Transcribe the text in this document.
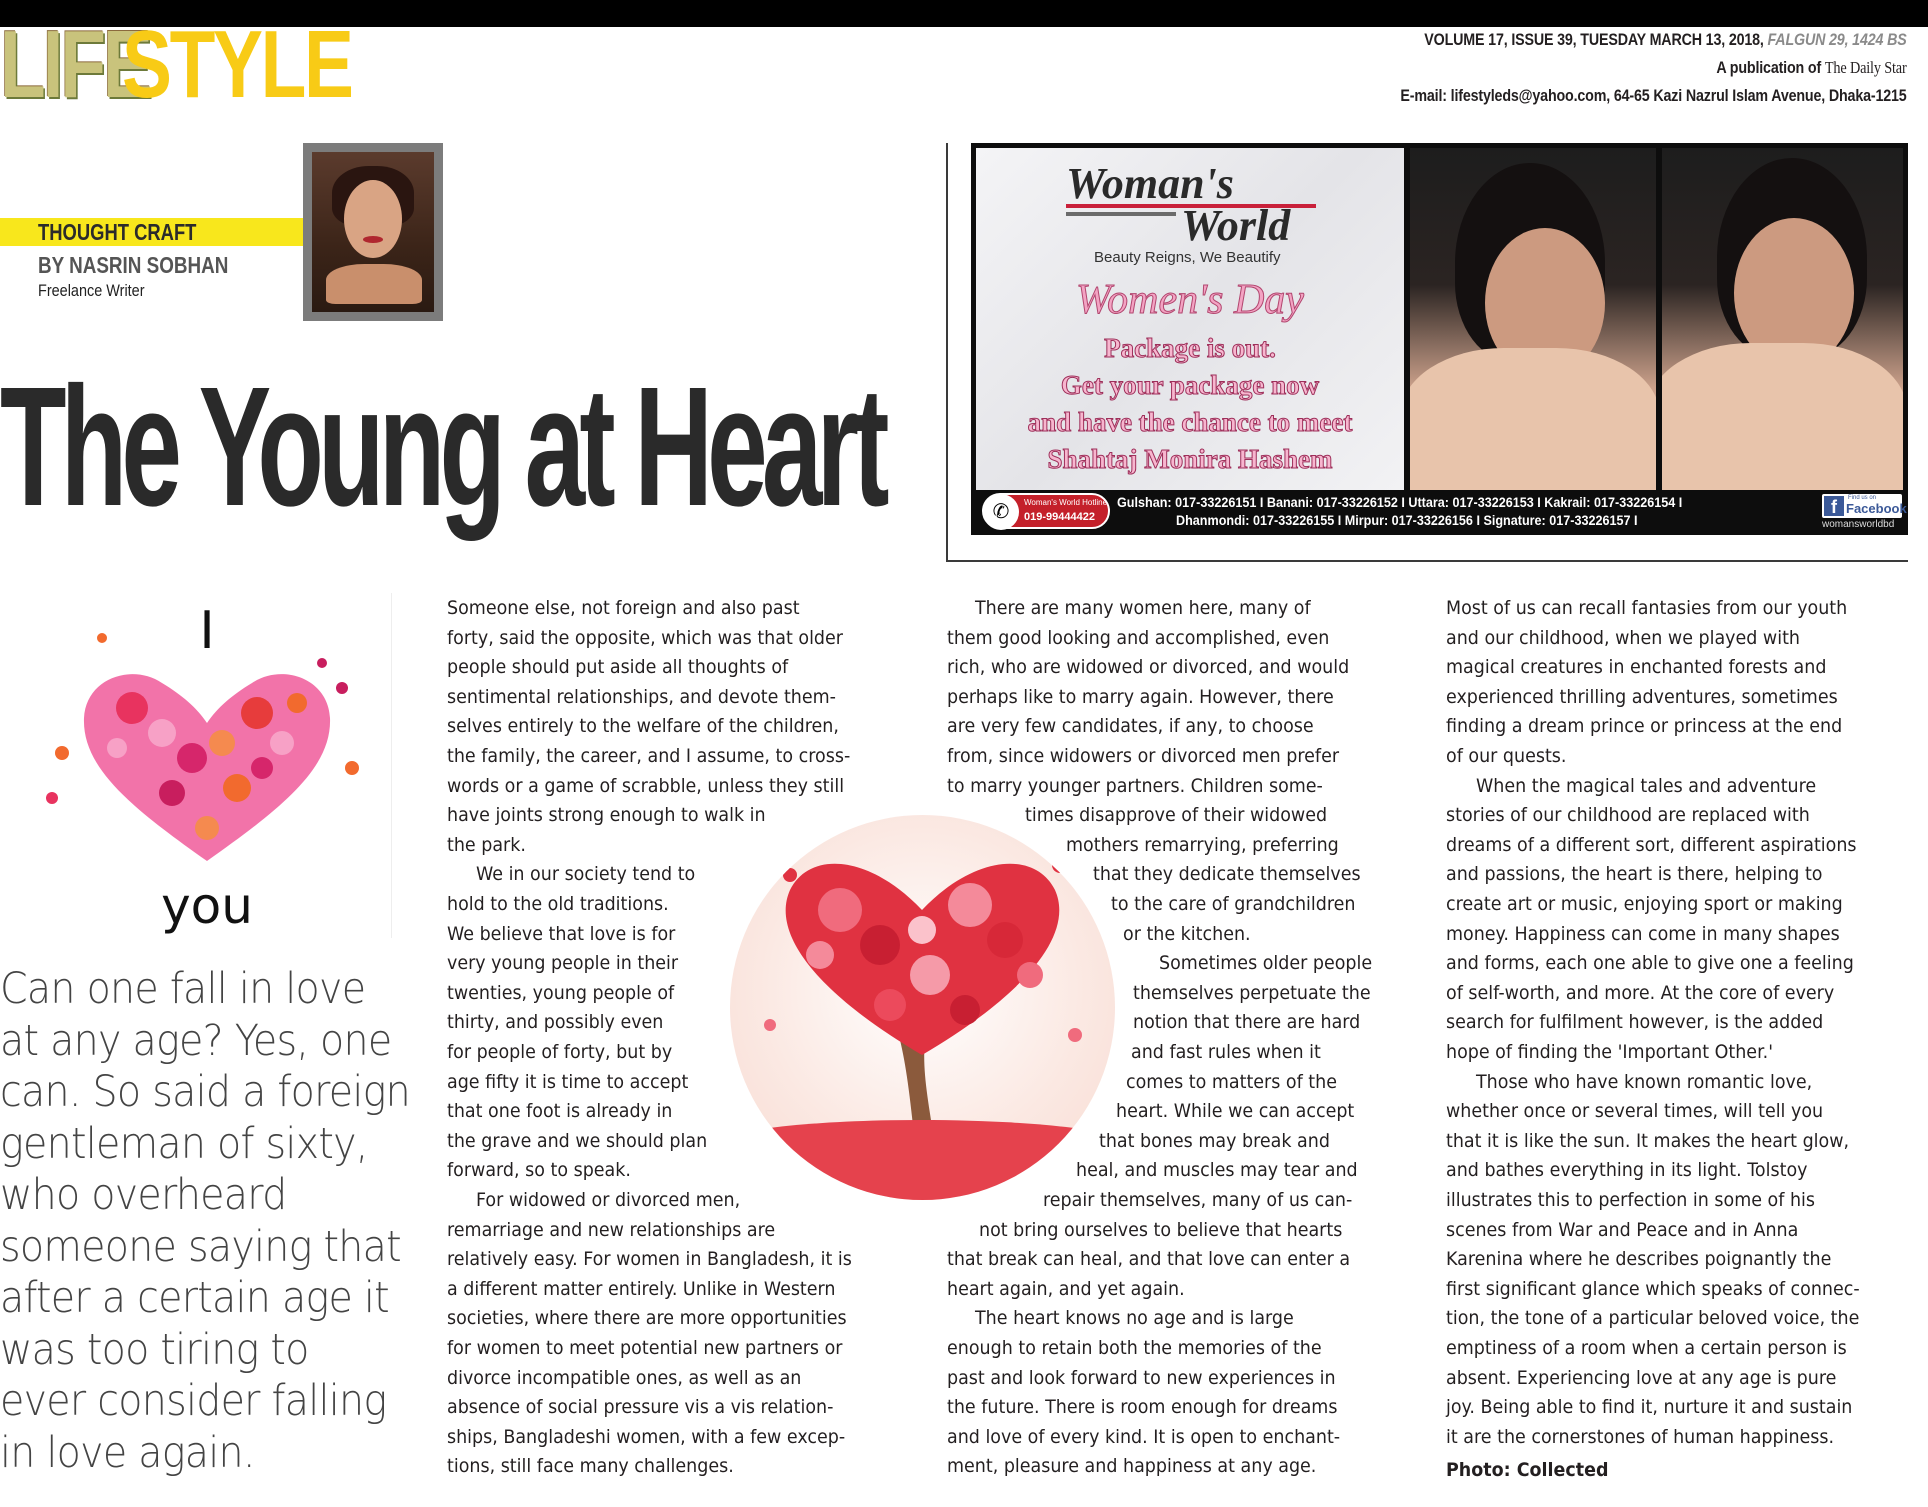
LIFE
STYLE	VOLUME 17, ISSUE 39, TUESDAY MARCH 13, 2018, FALGUN 29, 1424 BS
A publication of The Daily Star
E-mail: lifestyleds@yahoo.com, 64-65 Kazi Nazrul Islam Avenue, Dhaka-1215
THOUGHT CRAFT
BY NASRIN SOBHAN
Freelance Writer
The Young at Heart
Woman's
World
Beauty Reigns, We Beautify
Women's Day
Package is out.
Get your package now
and have the chance to meet
Shahtaj Monira Hashem
✆	Woman's World Hotline
019-99444422
Gulshan: 017-33226151 I Banani: 017-33226152 I Uttara: 017-33226153 I Kakrail: 017-33226154 I
Dhanmondi: 017-33226155 I Mirpur: 017-33226156 I Signature: 017-33226157 I
f	Find us on
Facebook
womansworldbd
I
you
Can one fall in love
at any age? Yes, one
can. So said a foreign
gentleman of sixty,
who overheard
someone saying that
after a certain age it
was too tiring to
ever consider falling
in love again.
Someone else, not foreign and also past
forty, said the opposite, which was that older
people should put aside all thoughts of
sentimental relationships, and devote them-
selves entirely to the welfare of the children,
the family, the career, and I assume, to cross-
words or a game of scrabble, unless they still
have joints strong enough to walk in
the park.
We in our society tend to
hold to the old traditions.
We believe that love is for
very young people in their
twenties, young people of
thirty, and possibly even
for people of forty, but by
age fifty it is time to accept
that one foot is already in
the grave and we should plan
forward, so to speak.
For widowed or divorced men,
remarriage and new relationships are
relatively easy. For women in Bangladesh, it is
a different matter entirely. Unlike in Western
societies, where there are more opportunities
for women to meet potential new partners or
divorce incompatible ones, as well as an
absence of social pressure vis a vis relation-
ships, Bangladeshi women, with a few excep-
tions, still face many challenges.
There are many women here, many of
them good looking and accomplished, even
rich, who are widowed or divorced, and would
perhaps like to marry again. However, there
are very few candidates, if any, to choose
from, since widowers or divorced men prefer
to marry younger partners. Children some-
times disapprove of their widowed
mothers remarrying, preferring
that they dedicate themselves
to the care of grandchildren
or the kitchen.
Sometimes older people
themselves perpetuate the
notion that there are hard
and fast rules when it
comes to matters of the
heart. While we can accept
that bones may break and
heal, and muscles may tear and
repair themselves, many of us can-
not bring ourselves to believe that hearts
that break can heal, and that love can enter a
heart again, and yet again.
The heart knows no age and is large
enough to retain both the memories of the
past and look forward to new experiences in
the future. There is room enough for dreams
and love of every kind. It is open to enchant-
ment, pleasure and happiness at any age.
Most of us can recall fantasies from our youth
and our childhood, when we played with
magical creatures in enchanted forests and
experienced thrilling adventures, sometimes
finding a dream prince or princess at the end
of our quests.
When the magical tales and adventure
stories of our childhood are replaced with
dreams of a different sort, different aspirations
and passions, the heart is there, helping to
create art or music, enjoying sport or making
money. Happiness can come in many shapes
and forms, each one able to give one a feeling
of self-worth, and more. At the core of every
search for fulfilment however, is the added
hope of finding the 'Important Other.'
Those who have known romantic love,
whether once or several times, will tell you
that it is like the sun. It makes the heart glow,
and bathes everything in its light. Tolstoy
illustrates this to perfection in some of his
scenes from War and Peace and in Anna
Karenina where he describes poignantly the
first significant glance which speaks of connec-
tion, the tone of a particular beloved voice, the
emptiness of a room when a certain person is
absent. Experiencing love at any age is pure
joy. Being able to find it, nurture it and sustain
it are the cornerstones of human happiness.
Photo: Collected
